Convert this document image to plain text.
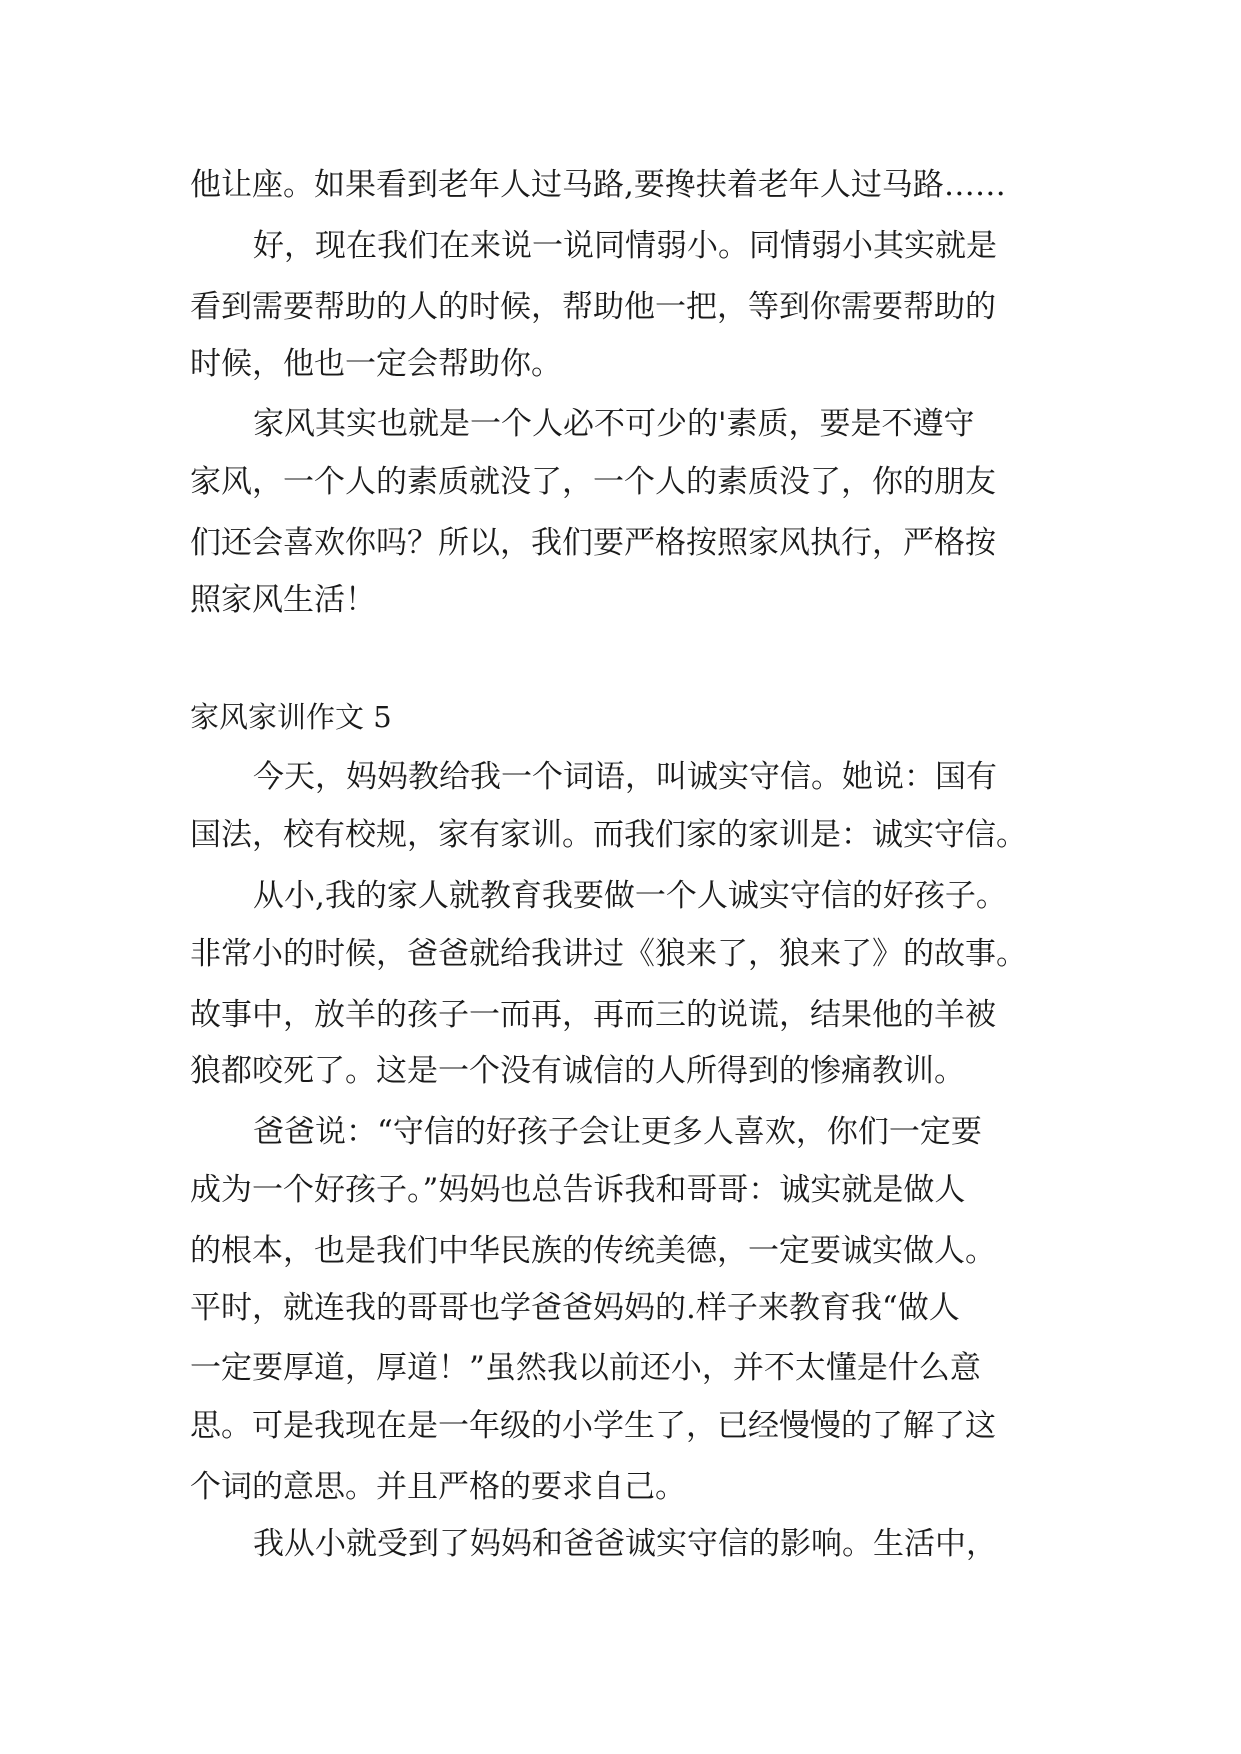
他让座。如果看到老年人过马路,要搀扶着老年人过马路……
好，现在我们在来说一说同情弱小。同情弱小其实就是
看到需要帮助的人的时候，帮助他一把，等到你需要帮助的
时候，他也一定会帮助你。
家风其实也就是一个人必不可少的'素质，要是不遵守
家风，一个人的素质就没了，一个人的素质没了，你的朋友
们还会喜欢你吗？所以，我们要严格按照家风执行，严格按
照家风生活！
家风家训作文 5
今天，妈妈教给我一个词语，叫诚实守信。她说：国有
国法，校有校规，家有家训。而我们家的家训是：诚实守信。
从小,我的家人就教育我要做一个人诚实守信的好孩子。
非常小的时候，爸爸就给我讲过《狼来了，狼来了》的故事。
故事中，放羊的孩子一而再，再而三的说谎，结果他的羊被
狼都咬死了。这是一个没有诚信的人所得到的惨痛教训。
爸爸说：“守信的好孩子会让更多人喜欢，你们一定要
成为一个好孩子。”妈妈也总告诉我和哥哥：诚实就是做人
的根本，也是我们中华民族的传统美德，一定要诚实做人。
平时，就连我的哥哥也学爸爸妈妈的.样子来教育我“做人
一定要厚道，厚道！”虽然我以前还小，并不太懂是什么意
思。可是我现在是一年级的小学生了，已经慢慢的了解了这
个词的意思。并且严格的要求自己。
我从小就受到了妈妈和爸爸诚实守信的影响。生活中，
